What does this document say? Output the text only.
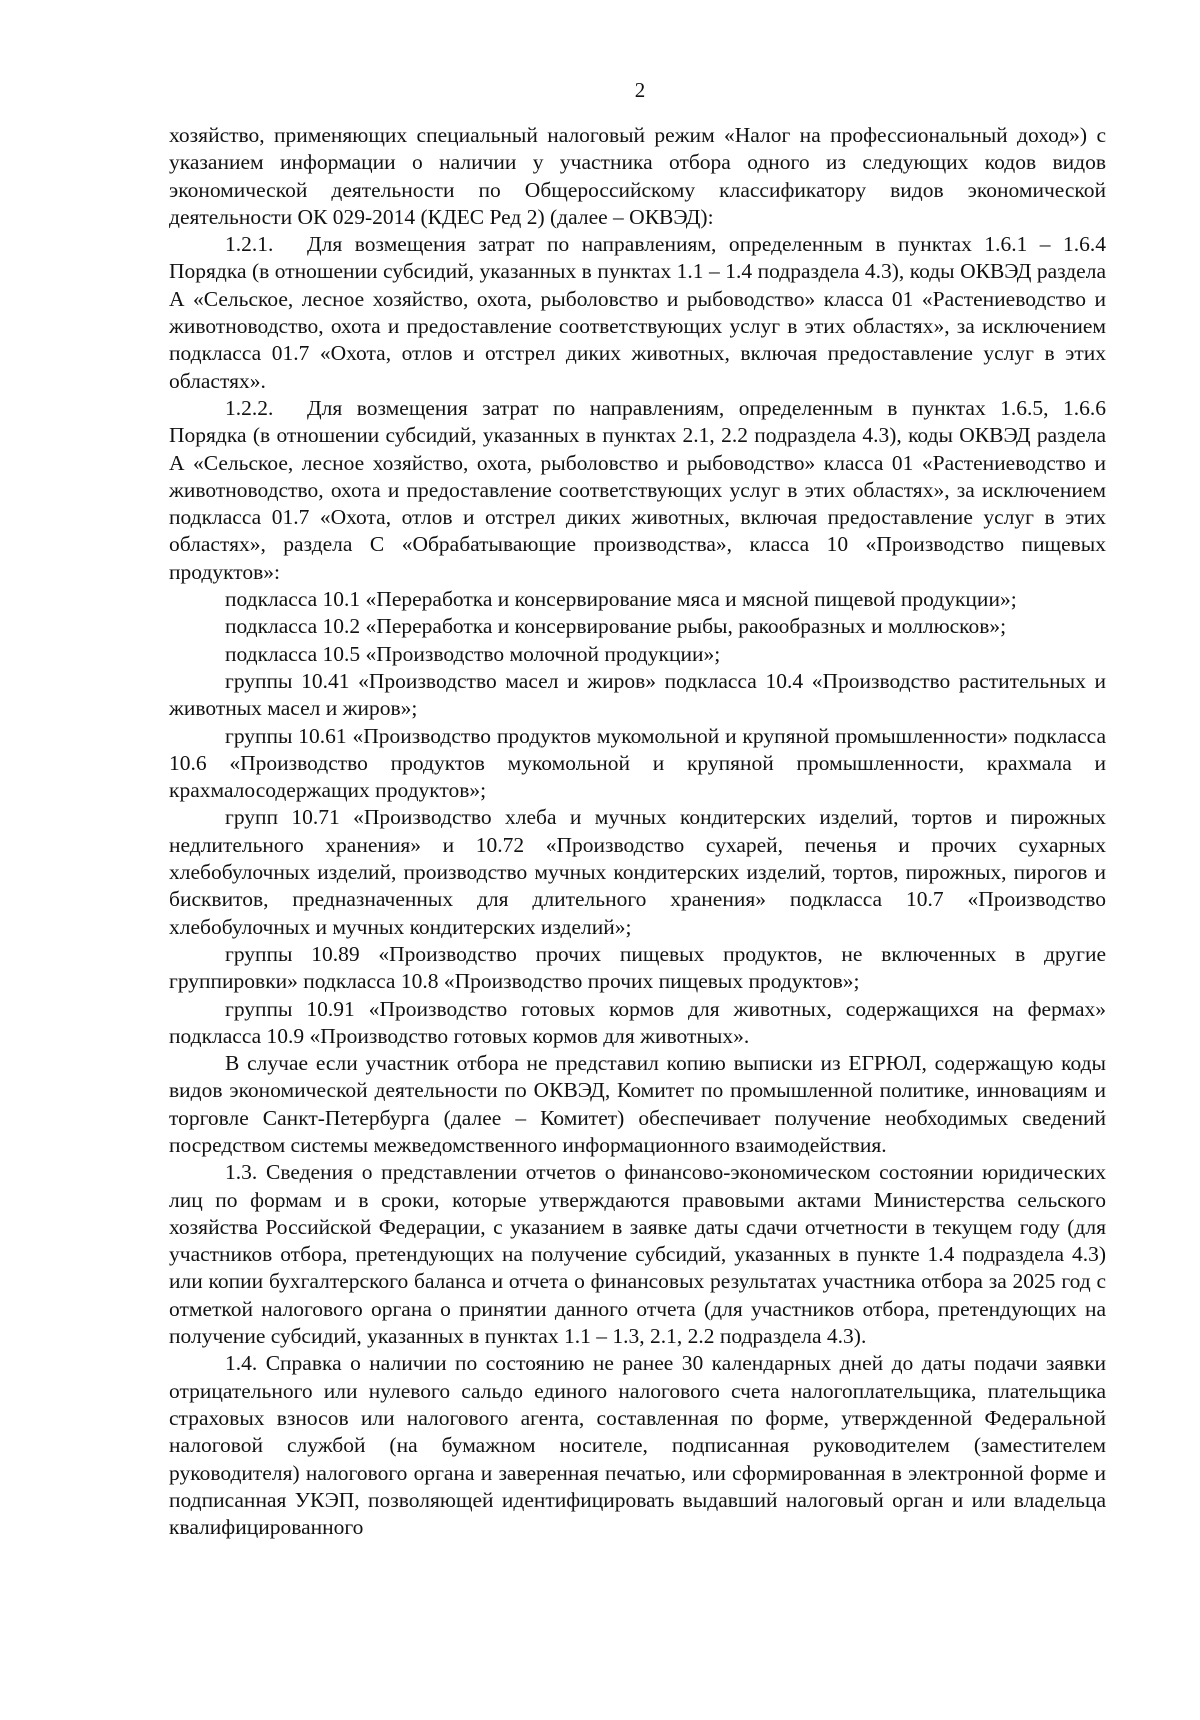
2

хозяйство, применяющих специальный налоговый режим «Налог на профессиональный доход») с указанием информации о наличии у участника отбора одного из следующих кодов видов экономической деятельности по Общероссийскому классификатору видов экономической деятельности ОК 029-2014 (КДЕС Ред 2) (далее – ОКВЭД):

1.2.1. Для возмещения затрат по направлениям, определенным в пунктах 1.6.1 – 1.6.4 Порядка (в отношении субсидий, указанных в пунктах 1.1 – 1.4 подраздела 4.3), коды ОКВЭД раздела А «Сельское, лесное хозяйство, охота, рыболовство и рыбоводство» класса 01 «Растениеводство и животноводство, охота и предоставление соответствующих услуг в этих областях», за исключением подкласса 01.7 «Охота, отлов и отстрел диких животных, включая предоставление услуг в этих областях».

1.2.2. Для возмещения затрат по направлениям, определенным в пунктах 1.6.5, 1.6.6 Порядка (в отношении субсидий, указанных в пунктах 2.1, 2.2 подраздела 4.3), коды ОКВЭД раздела А «Сельское, лесное хозяйство, охота, рыболовство и рыбоводство» класса 01 «Растениеводство и животноводство, охота и предоставление соответствующих услуг в этих областях», за исключением подкласса 01.7 «Охота, отлов и отстрел диких животных, включая предоставление услуг в этих областях», раздела С «Обрабатывающие производства», класса 10 «Производство пищевых продуктов»:

подкласса 10.1 «Переработка и консервирование мяса и мясной пищевой продукции»;

подкласса 10.2 «Переработка и консервирование рыбы, ракообразных и моллюсков»;

подкласса 10.5 «Производство молочной продукции»;

группы 10.41 «Производство масел и жиров» подкласса 10.4 «Производство растительных и животных масел и жиров»;

группы 10.61 «Производство продуктов мукомольной и крупяной промышленности» подкласса 10.6 «Производство продуктов мукомольной и крупяной промышленности, крахмала и крахмалосодержащих продуктов»;

групп 10.71 «Производство хлеба и мучных кондитерских изделий, тортов и пирожных недлительного хранения» и 10.72 «Производство сухарей, печенья и прочих сухарных хлебобулочных изделий, производство мучных кондитерских изделий, тортов, пирожных, пирогов и бисквитов, предназначенных для длительного хранения» подкласса 10.7 «Производство хлебобулочных и мучных кондитерских изделий»;

группы 10.89 «Производство прочих пищевых продуктов, не включенных в другие группировки» подкласса 10.8 «Производство прочих пищевых продуктов»;

группы 10.91 «Производство готовых кормов для животных, содержащихся на фермах» подкласса 10.9 «Производство готовых кормов для животных».

В случае если участник отбора не представил копию выписки из ЕГРЮЛ, содержащую коды видов экономической деятельности по ОКВЭД, Комитет по промышленной политике, инновациям и торговле Санкт-Петербурга (далее – Комитет) обеспечивает получение необходимых сведений посредством системы межведомственного информационного взаимодействия.

1.3. Сведения о представлении отчетов о финансово-экономическом состоянии юридических лиц по формам и в сроки, которые утверждаются правовыми актами Министерства сельского хозяйства Российской Федерации, с указанием в заявке даты сдачи отчетности в текущем году (для участников отбора, претендующих на получение субсидий, указанных в пункте 1.4 подраздела 4.3) или копии бухгалтерского баланса и отчета о финансовых результатах участника отбора за 2025 год с отметкой налогового органа о принятии данного отчета (для участников отбора, претендующих на получение субсидий, указанных в пунктах 1.1 – 1.3, 2.1, 2.2 подраздела 4.3).

1.4. Справка о наличии по состоянию не ранее 30 календарных дней до даты подачи заявки отрицательного или нулевого сальдо единого налогового счета налогоплательщика, плательщика страховых взносов или налогового агента, составленная по форме, утвержденной Федеральной налоговой службой (на бумажном носителе, подписанная руководителем (заместителем руководителя) налогового органа и заверенная печатью, или сформированная в электронной форме и подписанная УКЭП, позволяющей идентифицировать выдавший налоговый орган и или владельца квалифицированного
